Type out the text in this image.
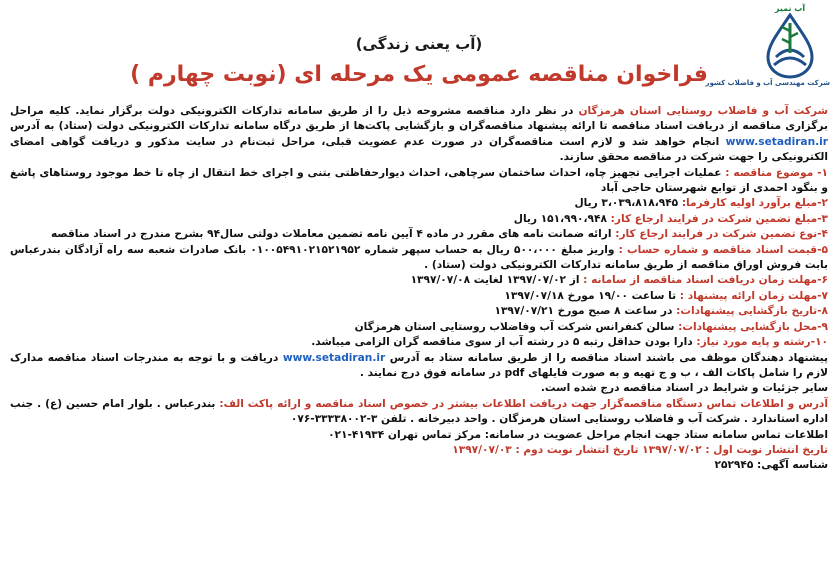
آب نمیر
شرکت مهندسی آب و فاضلاب کشور
(آب یعنی زندگی)
فراخوان مناقصه عمومی یک مرحله ای (نوبت چهارم )

شرکت آب و فاضلاب روستایی استان هرمزگان در نظر دارد مناقصه مشروحه ذیل را از طریق سامانه تدارکات الکترونیکی دولت برگزار نماید. کلیه مراحل برگزاری مناقصه از دریافت اسناد مناقصه تا ارائه پیشنهاد مناقصه‌گران و بازگشایی پاکت‌ها از طریق درگاه سامانه تدارکات الکترونیکی دولت (ستاد) به آدرس www.setadiran.ir انجام خواهد شد و لازم است مناقصه‌گران در صورت عدم عضویت قبلی، مراحل ثبت‌نام در سایت مذکور و دریافت گواهی امضای الکترونیکی را جهت شرکت در مناقصه محقق سازند.

۱- موضوع مناقصه : عملیات اجرایی تجهیز چاه، احداث ساختمان سرچاهی، احداث دیوارحفاظتی بتنی و اجرای خط انتقال از چاه تا خط موجود روستاهای پاشغ و بنگود احمدی از توابع شهرستان حاجی آباد

۲-مبلغ برآورد اولیه کارفرما: ۳،۰۳۹،۸۱۸،۹۴۵ ریال

۳-مبلغ تضمین شرکت در فرایند ارجاع کار: ۱۵۱،۹۹۰،۹۴۸ ریال

۴-نوع تضمین شرکت در فرایند ارجاع کار: ارائه ضمانت نامه های مقرر در ماده ۴ آیین نامه تضمین معاملات دولتی سال۹۴ بشرح مندرج در اسناد مناقصه

۵-قیمت اسناد مناقصه و شماره حساب : واریز مبلغ ۵۰۰،۰۰۰ ریال به حساب سپهر شماره ۰۱۰۰۵۴۹۱۰۲۱۵۲۱۹۵۲ بانک صادرات شعبه سه راه آزادگان بندرعباس بابت فروش اوراق مناقصه از طریق سامانه تدارکات الکترونیکی دولت (ستاد) .

۶-مهلت زمان دریافت اسناد مناقصه از سامانه : از ۱۳۹۷/۰۷/۰۲ لغایت ۱۳۹۷/۰۷/۰۸

۷-مهلت زمان ارائه پیشنهاد : تا ساعت ۱۹/۰۰ مورخ ۱۳۹۷/۰۷/۱۸

۸-تاریخ بازگشایی پیشنهادات: در ساعت ۸ صبح مورخ ۱۳۹۷/۰۷/۲۱

۹-محل بازگشایی پیشنهادات: سالن کنفرانس شرکت آب وفاضلاب روستایی استان هرمزگان

۱۰-رشته و پایه مورد نیاز: دارا بودن حداقل رتبه ۵ در رشته آب از سوی مناقصه گران الزامی میباشد.

پیشنهاد دهندگان موظف می باشند اسناد مناقصه را از طریق سامانه ستاد به آدرس www.setadiran.ir دریافت و با توجه به مندرجات اسناد مناقصه مدارک لازم را شامل پاکات الف ، ب و ج تهیه و به صورت فایلهای pdf در سامانه فوق درج نمایند .

سایر جزئیات و شرایط در اسناد مناقصه درج شده است.

آدرس و اطلاعات تماس دستگاه مناقصه‌گزار جهت دریافت اطلاعات بیشتر در خصوص اسناد مناقصه و ارائه پاکت الف: بندرعباس . بلوار امام حسین (ع) . جنب اداره استاندارد . شرکت آب و فاضلاب روستایی استان هرمزگان . واحد دبیرخانه . تلفن ۳-۳۳۳۳۸۰۰۲-۰۷۶

اطلاعات تماس سامانه ستاد جهت انجام مراحل عضویت در سامانه: مرکز تماس تهران ۴۱۹۳۴-۰۲۱

تاریخ انتشار نوبت اول : ۱۳۹۷/۰۷/۰۲ تاریخ انتشار نوبت دوم : ۱۳۹۷/۰۷/۰۳

شناسه آگهی: ۲۵۲۹۴۵
